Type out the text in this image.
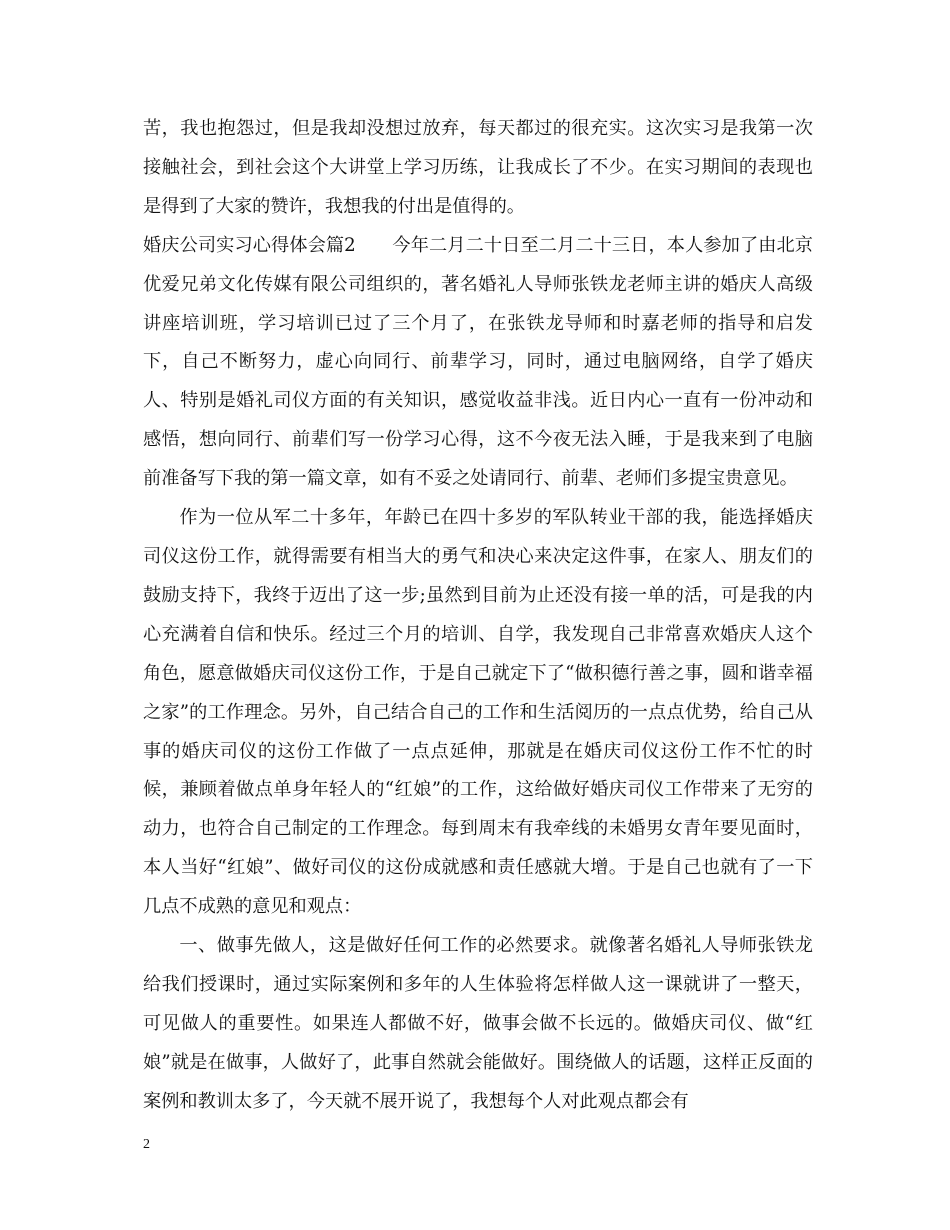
苦，我也抱怨过，但是我却没想过放弃，每天都过的很充实。这次实习是我第一次接触社会，到社会这个大讲堂上学习历练，让我成长了不少。在实习期间的表现也是得到了大家的赞许，我想我的付出是值得的。

婚庆公司实习心得体会篇2　　今年二月二十日至二月二十三日，本人参加了由北京优爱兄弟文化传媒有限公司组织的，著名婚礼人导师张铁龙老师主讲的婚庆人高级讲座培训班，学习培训已过了三个月了，在张铁龙导师和时嘉老师的指导和启发下，自己不断努力，虚心向同行、前辈学习，同时，通过电脑网络，自学了婚庆人、特别是婚礼司仪方面的有关知识，感觉收益非浅。近日内心一直有一份冲动和感悟，想向同行、前辈们写一份学习心得，这不今夜无法入睡，于是我来到了电脑前准备写下我的第一篇文章，如有不妥之处请同行、前辈、老师们多提宝贵意见。

作为一位从军二十多年，年龄已在四十多岁的军队转业干部的我，能选择婚庆司仪这份工作，就得需要有相当大的勇气和决心来决定这件事，在家人、朋友们的鼓励支持下，我终于迈出了这一步;虽然到目前为止还没有接一单的活，可是我的内心充满着自信和快乐。经过三个月的培训、自学，我发现自己非常喜欢婚庆人这个角色，愿意做婚庆司仪这份工作，于是自己就定下了“做积德行善之事，圆和谐幸福之家”的工作理念。另外，自己结合自己的工作和生活阅历的一点点优势，给自己从事的婚庆司仪的这份工作做了一点点延伸，那就是在婚庆司仪这份工作不忙的时候，兼顾着做点单身年轻人的“红娘”的工作，这给做好婚庆司仪工作带来了无穷的动力，也符合自己制定的工作理念。每到周末有我牵线的未婚男女青年要见面时，本人当好“红娘”、做好司仪的这份成就感和责任感就大增。于是自己也就有了一下几点不成熟的意见和观点：

一、做事先做人，这是做好任何工作的必然要求。就像著名婚礼人导师张铁龙给我们授课时，通过实际案例和多年的人生体验将怎样做人这一课就讲了一整天，可见做人的重要性。如果连人都做不好，做事会做不长远的。做婚庆司仪、做“红娘”就是在做事，人做好了，此事自然就会能做好。围绕做人的话题，这样正反面的案例和教训太多了，今天就不展开说了，我想每个人对此观点都会有

2
